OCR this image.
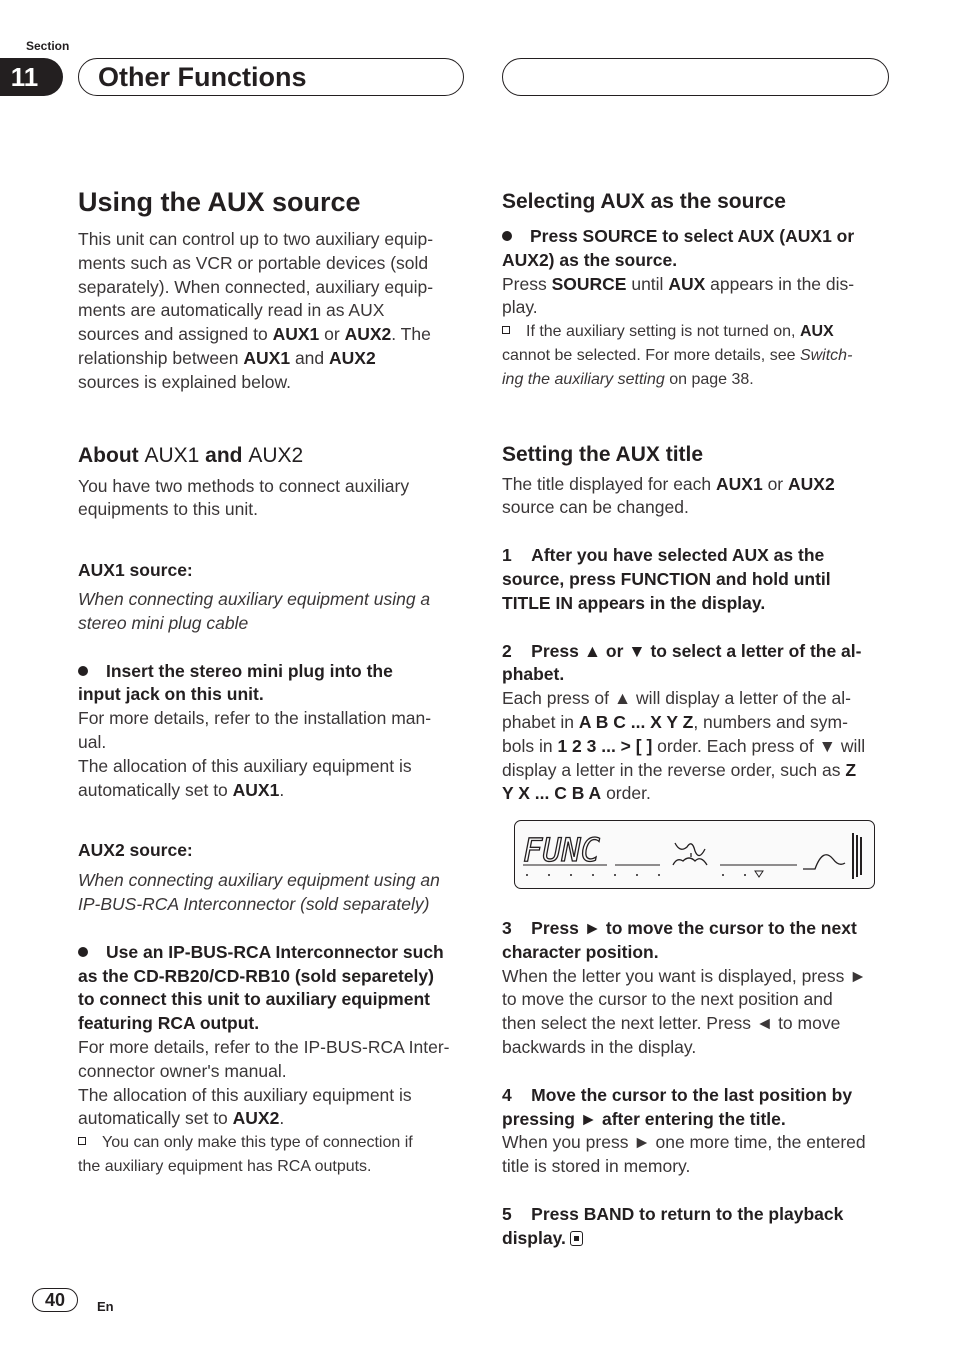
Section
11	Other Functions

Using the AUX source

This unit can control up to two auxiliary equip-

ments such as VCR or portable devices (sold

separately). When connected, auxiliary equip-

ments are automatically read in as AUX

sources and assigned to AUX1 or AUX2. The

relationship between AUX1 and AUX2

sources is explained below.

About AUX1 and AUX2

You have two methods to connect auxiliary

equipments to this unit.

AUX1 source:

When connecting auxiliary equipment using a

stereo mini plug cable

Insert the stereo mini plug into the

input jack on this unit.

For more details, refer to the installation man-

ual.

The allocation of this auxiliary equipment is

automatically set to AUX1.

AUX2 source:

When connecting auxiliary equipment using an

IP-BUS-RCA Interconnector (sold separately)

Use an IP-BUS-RCA Interconnector such

as the CD-RB20/CD-RB10 (sold separetely)

to connect this unit to auxiliary equipment

featuring RCA output.

For more details, refer to the IP-BUS-RCA Inter-

connector owner's manual.

The allocation of this auxiliary equipment is

automatically set to AUX2.

You can only make this type of connection if

the auxiliary equipment has RCA outputs.

Selecting AUX as the source

Press SOURCE to select AUX (AUX1 or

AUX2) as the source.

Press SOURCE until AUX appears in the dis-

play.

If the auxiliary setting is not turned on, AUX

cannot be selected. For more details, see Switch-

ing the auxiliary setting on page 38.

Setting the AUX title

The title displayed for each AUX1 or AUX2

source can be changed.

1    After you have selected AUX as the

source, press FUNCTION and hold until

TITLE IN appears in the display.

2    Press ▲ or ▼ to select a letter of the al-

phabet.

Each press of ▲ will display a letter of the al-

phabet in A B C ... X Y Z, numbers and sym-

bols in 1 2 3 ... > [ ] order. Each press of ▼ will

display a letter in the reverse order, such as Z

Y X ... C B A order.

FUNC

3    Press ► to move the cursor to the next

character position.

When the letter you want is displayed, press ►

to move the cursor to the next position and

then select the next letter. Press ◄ to move

backwards in the display.

4    Move the cursor to the last position by

pressing ► after entering the title.

When you press ► one more time, the entered

title is stored in memory.

5    Press BAND to return to the playback

display.

40	En
